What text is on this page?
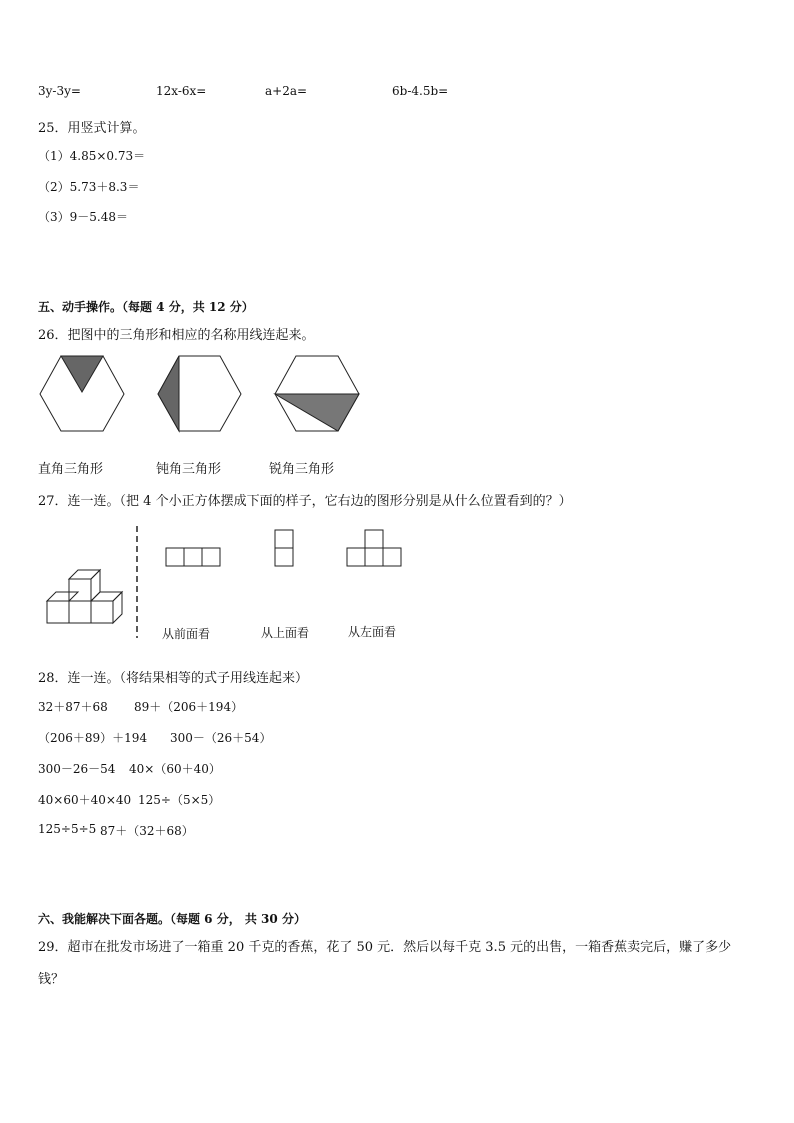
3y-3y=	12x-6x=	a+2a=	6b-4.5b=
25．用竖式计算。
（1）4.85×0.73＝
（2）5.73＋8.3＝
（3）9－5.48＝
五、动手操作。（每题 4 分，共 12 分）
26．把图中的三角形和相应的名称用线连起来。
直角三角形	钝角三角形	锐角三角形
27．连一连。（把 4 个小正方体摆成下面的样子，它右边的图形分别是从什么位置看到的？）
从前面看	从上面看	从左面看
28．连一连。（将结果相等的式子用线连起来）
32＋87＋68 89＋（206＋194）
（206＋89）＋194 300－（26＋54）
300－26－54 40×（60＋40）
40×60＋40×40 125÷（5×5）
125÷5÷5 87＋（32＋68）
六、我能解决下面各题。（每题 6 分， 共 30 分）
29．超市在批发市场进了一箱重 20 千克的香蕉，花了 50 元．然后以每千克 3.5 元的出售，一箱香蕉卖完后，赚了多少
钱？
